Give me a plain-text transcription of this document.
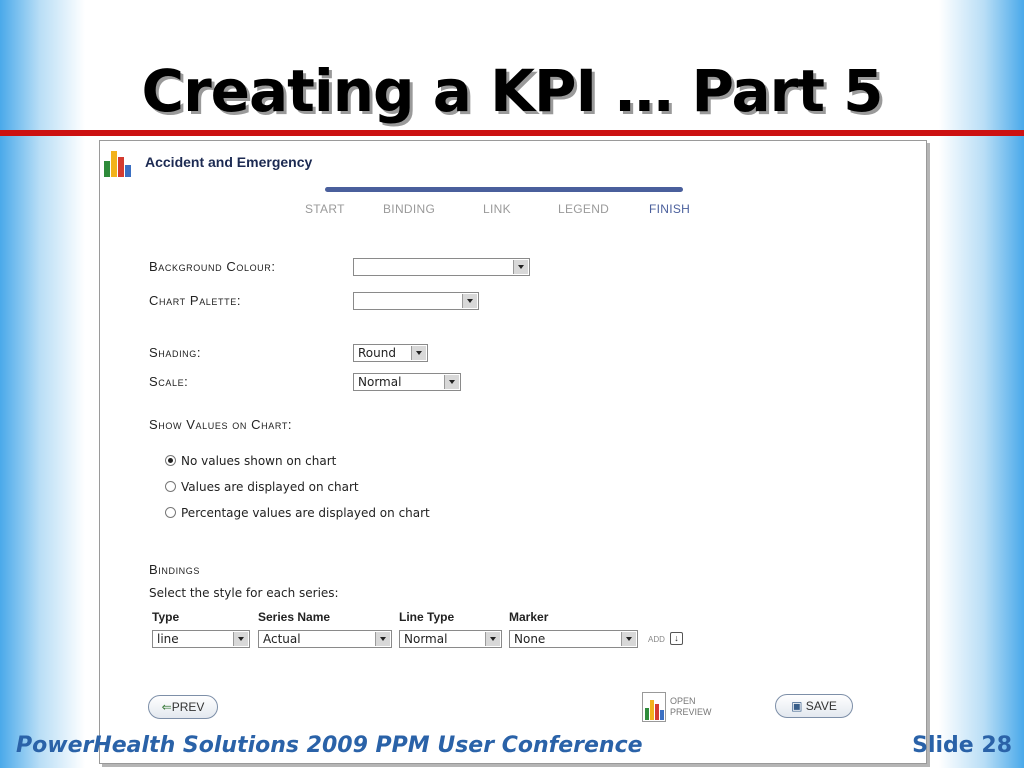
Creating a KPI … Part 5
Accident and Emergency
START	BINDING	LINK	LEGEND	FINISH
Background Colour:
Chart Palette:
Shading:	Round
Scale:	Normal
Show Values on Chart:
No values shown on chart
Values are displayed on chart
Percentage values are displayed on chart
Bindings
Select the style for each series:
Type	Series Name	Line Type	Marker
line	Actual	Normal	None	ADD	↓
⇐PREV	OPEN
PREVIEW	▣ SAVE
PowerHealth Solutions 2009 PPM User Conference	Slide 28
